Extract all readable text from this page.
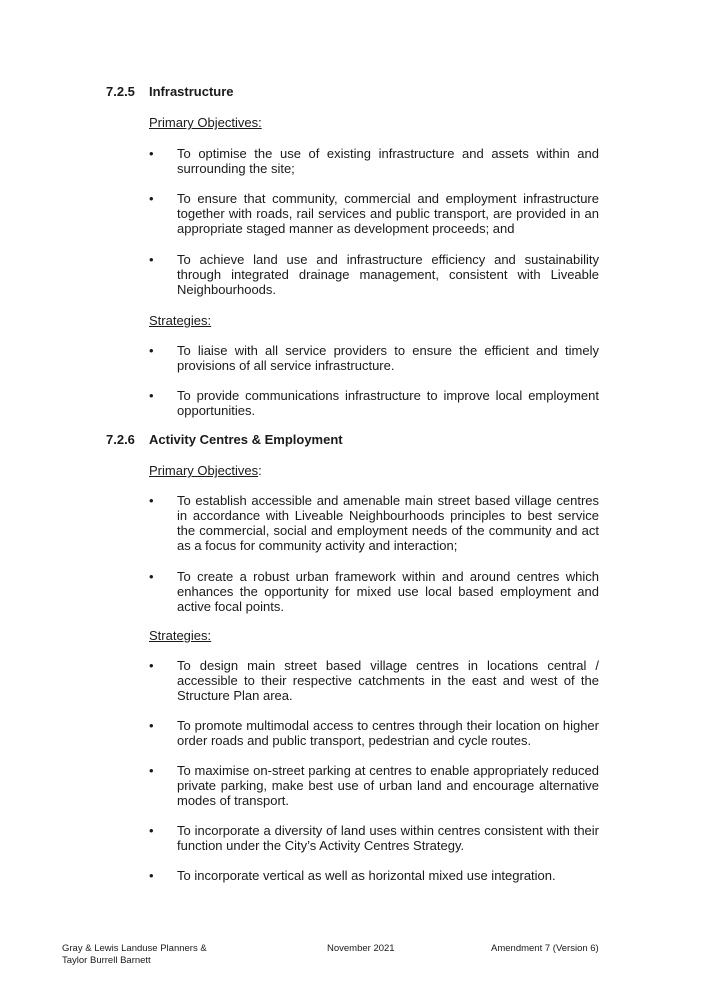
7.2.5	Infrastructure
Primary Objectives:
•	To optimise the use of existing infrastructure and assets within and surrounding the site;
•	To ensure that community, commercial and employment infrastructure together with roads, rail services and public transport, are provided in an appropriate staged manner as development proceeds; and
•	To achieve land use and infrastructure efficiency and sustainability through integrated drainage management, consistent with Liveable Neighbourhoods.
Strategies:
•	To liaise with all service providers to ensure the efficient and timely provisions of all service infrastructure.
•	To provide communications infrastructure to improve local employment opportunities.
7.2.6	Activity Centres & Employment
Primary Objectives:
•	To establish accessible and amenable main street based village centres in accordance with Liveable Neighbourhoods principles to best service the commercial, social and employment needs of the community and act as a focus for community activity and interaction;
•	To create a robust urban framework within and around centres which enhances the opportunity for mixed use local based employment and active focal points.
Strategies:
•	To design main street based village centres in locations central / accessible to their respective catchments in the east and west of the Structure Plan area.
•	To promote multimodal access to centres through their location on higher order roads and public transport, pedestrian and cycle routes.
•	To maximise on-street parking at centres to enable appropriately reduced private parking, make best use of urban land and encourage alternative modes of transport.
•	To incorporate a diversity of land uses within centres consistent with their function under the City’s Activity Centres Strategy.
•	To incorporate vertical as well as horizontal mixed use integration.
Gray & Lewis Landuse Planners &
Taylor Burrell Barnett
November 2021	Amendment 7 (Version 6)
